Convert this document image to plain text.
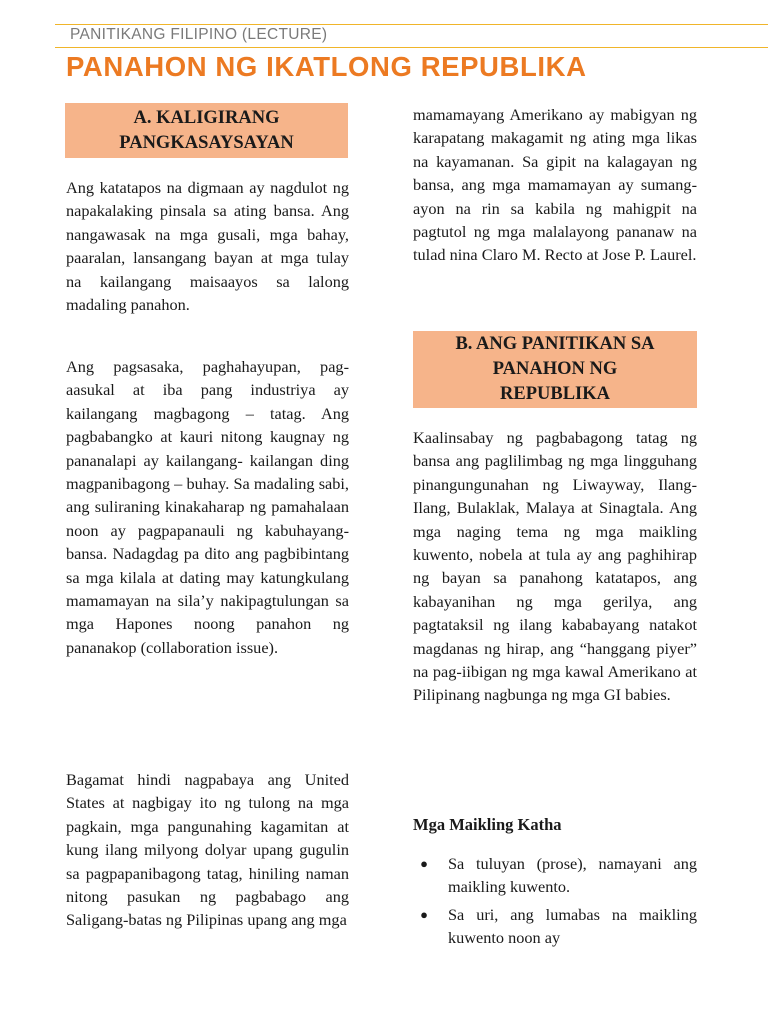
PANITIKANG FILIPINO (LECTURE)
PANAHON NG IKATLONG REPUBLIKA
A. KALIGIRANG
PANGKASAYSAYAN

Ang katatapos na digmaan ay nagdulot ng napakalaking pinsala sa ating bansa. Ang nangawasak na mga gusali, mga bahay, paaralan, lansangang bayan at mga tulay na kailangang maisaayos sa lalong madaling panahon.

Ang pagsasaka, paghahayupan, pag-aasukal at iba pang industriya ay kailangang magbagong – tatag. Ang pagbabangko at kauri nitong kaugnay ng pananalapi ay kailangang- kailangan ding magpanibagong – buhay. Sa madaling sabi, ang suliraning kinakaharap ng pamahalaan noon ay pagpapanauli ng kabuhayang-bansa. Nadagdag pa dito ang pagbibintang sa mga kilala at dating may katungkulang mamamayan na sila’y nakipagtulungan sa mga Hapones noong panahon ng pananakop (collaboration issue).

Bagamat hindi nagpabaya ang United States at nagbigay ito ng tulong na mga pagkain, mga pangunahing kagamitan at kung ilang milyong dolyar upang gugulin sa pagpapanibagong tatag, hiniling naman nitong pasukan ng pagbabago ang Saligang-batas ng Pilipinas upang ang mga

mamamayang Amerikano ay mabigyan ng karapatang makagamit ng ating mga likas na kayamanan. Sa gipit na kalagayan ng bansa, ang mga mamamayan ay sumang-ayon na rin sa kabila ng mahigpit na pagtutol ng mga malalayong pananaw na tulad nina Claro M. Recto at Jose P. Laurel.

B. ANG PANITIKAN SA
PANAHON NG
REPUBLIKA

Kaalinsabay ng pagbabagong tatag ng bansa ang paglilimbag ng mga lingguhang pinangungunahan ng Liwayway, Ilang-Ilang, Bulaklak, Malaya at Sinagtala. Ang mga naging tema ng mga maikling kuwento, nobela at tula ay ang paghihirap ng bayan sa panahong katatapos, ang kabayanihan ng mga gerilya, ang pagtataksil ng ilang kababayang natakot magdanas ng hirap, ang “hanggang piyer” na pag-iibigan ng mga kawal Amerikano at Pilipinang nagbunga ng mga GI babies.

Mga Maikling Katha

●	Sa tuluyan (prose), namayani ang maikling kuwento.
●	Sa uri, ang lumabas na maikling kuwento noon ay
